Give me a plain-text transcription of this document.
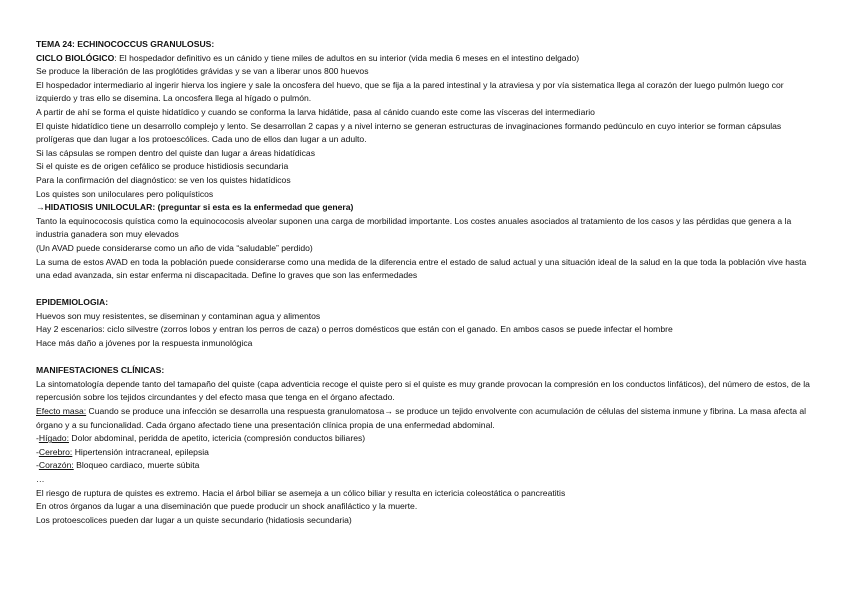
TEMA 24: ECHINOCOCCUS GRANULOSUS:

CICLO BIOLÓGICO: El hospedador definitivo es un cánido y tiene miles de adultos en su interior (vida media 6 meses en el intestino delgado)

Se produce la liberación de las proglótides grávidas y se van a liberar unos 800 huevos

El hospedador intermediario al ingerir hierva los ingiere y sale la oncosfera del huevo, que se fija a la pared intestinal y la atraviesa y por vía sistematica llega al corazón der luego pulmón luego cor izquierdo y tras ello se disemina. La oncosfera llega al hígado o pulmón.

A partir de ahí se forma el quiste hidatídico y cuando se conforma la larva hidátide, pasa al cánido cuando este come las vísceras del intermediario

El quiste hidatídico tiene un desarrollo complejo y lento. Se desarrollan 2 capas y a nivel interno se generan estructuras de invaginaciones formando pedúnculo en cuyo interior se forman cápsulas prolígeras que dan lugar a los protoescólices. Cada uno de ellos dan lugar a un adulto.

Si las cápsulas se rompen dentro del quiste dan lugar a áreas hidatídicas

Si el quiste es de origen cefálico se produce histidiosis secundaria

Para la confirmación del diagnóstico: se ven los quistes hidatídicos

Los quistes son uniloculares pero poliquísticos

→HIDATIOSIS UNILOCULAR: (preguntar si esta es la enfermedad que genera)

Tanto la equinococosis quística como la equinococosis alveolar suponen una carga de morbilidad importante. Los costes anuales asociados al tratamiento de los casos y las pérdidas que genera a la industria ganadera son muy elevados

(Un AVAD puede considerarse como un año de vida “saludable” perdido)

La suma de estos AVAD en toda la población puede considerarse como una medida de la diferencia entre el estado de salud actual y una situación ideal de la salud en la que toda la población vive hasta una edad avanzada, sin estar enferma ni discapacitada. Define lo graves que son las enfermedades

EPIDEMIOLOGIA:

Huevos son muy resistentes, se diseminan y contaminan agua y alimentos

Hay 2 escenarios: ciclo silvestre (zorros lobos y entran los perros de caza) o perros domésticos que están con el ganado. En ambos casos se puede infectar el hombre

Hace más daño a jóvenes por la respuesta inmunológica

MANIFESTACIONES CLÍNICAS:

La sintomatología depende tanto del tamapaño del quiste (capa adventicia recoge el quiste pero si el quiste es muy grande provocan la compresión en los conductos linfáticos), del número de estos, de la repercusión sobre los tejidos circundantes y del efecto masa que tenga en el órgano afectado.

Efecto masa: Cuando se produce una infección se desarrolla una respuesta granulomatosa→ se produce un tejido envolvente con acumulación de células del sistema inmune y fibrina. La masa afecta al órgano y a su funcionalidad. Cada órgano afectado tiene una presentación clínica propia de una enfermedad abdominal.

-Hígado: Dolor abdominal, peridda de apetito, ictericia (compresión conductos biliares)

-Cerebro: Hipertensión intracraneal, epilepsia

-Corazón: Bloqueo cardiaco, muerte súbita

…

El riesgo de ruptura de quistes es extremo. Hacia el árbol biliar se asemeja a un cólico biliar y resulta en ictericia coleostática o pancreatitis

En otros órganos da lugar a una diseminación que puede producir un shock anafiláctico y la muerte.

Los protoescolices pueden dar lugar a un quiste secundario (hidatiosis secundaria)
